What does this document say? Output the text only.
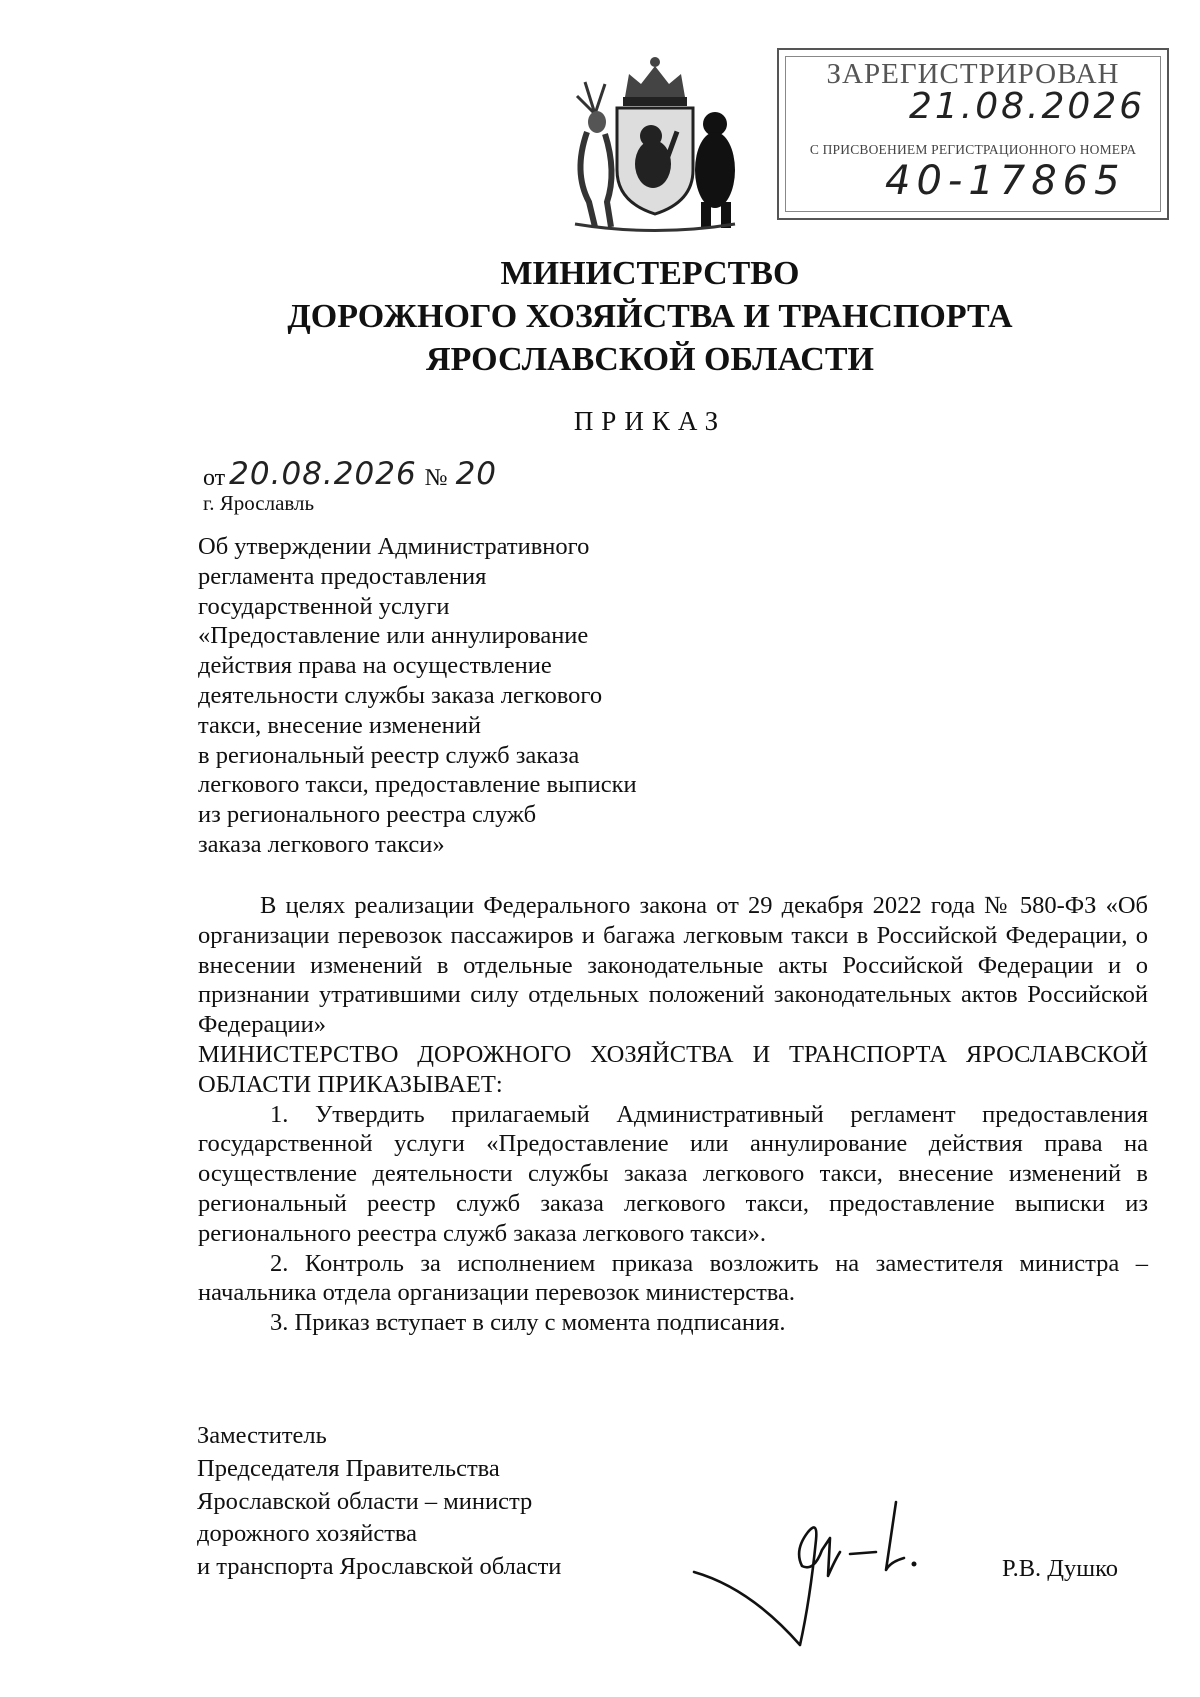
ЗАРЕГИСТРИРОВАН
21.08.2026
С ПРИСВОЕНИЕМ РЕГИСТРАЦИОННОГО НОМЕРА
40-17865
МИНИСТЕРСТВО
ДОРОЖНОГО ХОЗЯЙСТВА И ТРАНСПОРТА
ЯРОСЛАВСКОЙ ОБЛАСТИ
ПРИКАЗ
от 20.08.2026 № 20
г. Ярославль
Об утверждении Административного
регламента предоставления
государственной услуги
«Предоставление или аннулирование
действия права на осуществление
деятельности службы заказа легкового
такси, внесение изменений
в региональный реестр служб заказа
легкового такси, предоставление выписки
из регионального реестра служб
заказа легкового такси»

В целях реализации Федерального закона от 29 декабря 2022 года № 580-ФЗ «Об организации перевозок пассажиров и багажа легковым такси в Российской Федерации, о внесении изменений в отдельные законодательные акты Российской Федерации и о признании утратившими силу отдельных положений законодательных актов Российской Федерации»

МИНИСТЕРСТВО ДОРОЖНОГО ХОЗЯЙСТВА И ТРАНСПОРТА ЯРОСЛАВСКОЙ ОБЛАСТИ ПРИКАЗЫВАЕТ:

1. Утвердить прилагаемый Административный регламент предоставления государственной услуги «Предоставление или аннулирование действия права на осуществление деятельности службы заказа легкового такси, внесение изменений в региональный реестр служб заказа легкового такси, предоставление выписки из регионального реестра служб заказа легкового такси».

2. Контроль за исполнением приказа возложить на заместителя министра – начальника отдела организации перевозок министерства.

3. Приказ вступает в силу с момента подписания.

Заместитель
Председателя Правительства
Ярославской области – министр
дорожного хозяйства
и транспорта Ярославской области	Р.В. Душко
